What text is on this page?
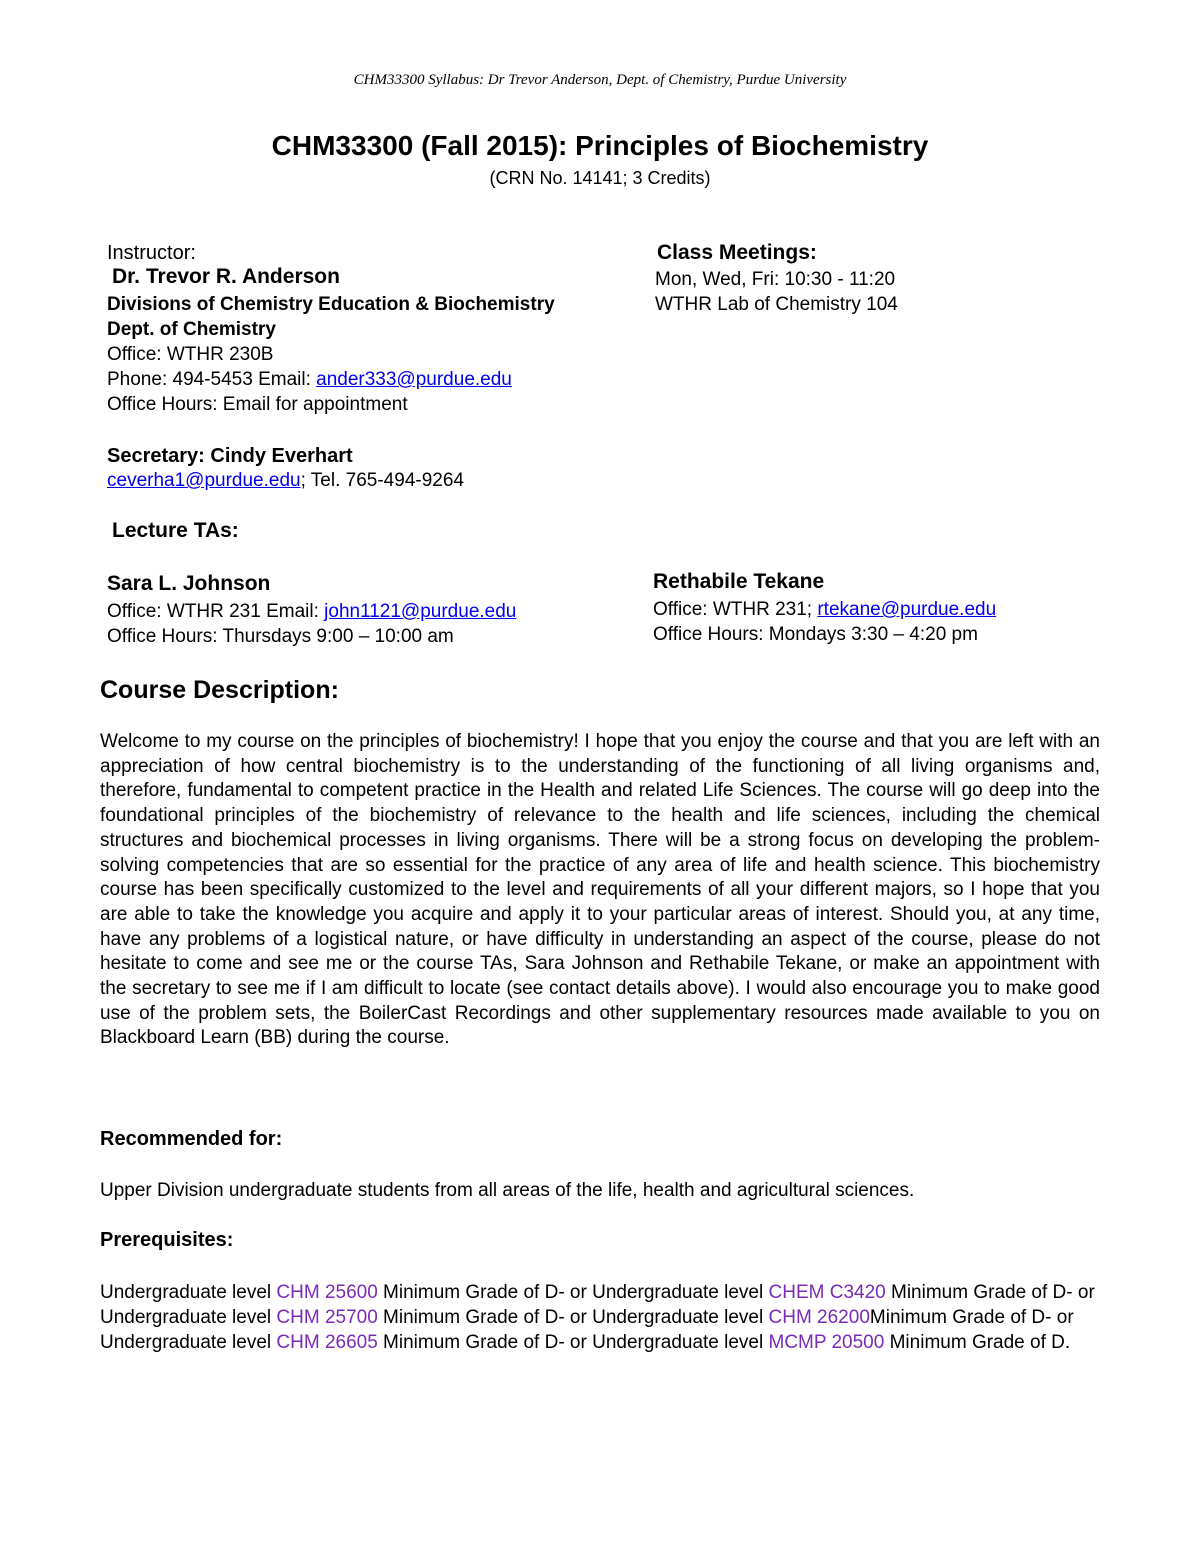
CHM33300 Syllabus: Dr Trevor Anderson, Dept. of Chemistry, Purdue University
CHM33300 (Fall 2015): Principles of Biochemistry
(CRN No. 14141; 3 Credits)
Instructor:
Dr. Trevor R. Anderson
Divisions of Chemistry Education & Biochemistry
Dept. of Chemistry
Office: WTHR 230B
Phone: 494-5453 Email: ander333@purdue.edu
Office Hours: Email for appointment
Class Meetings:
Mon, Wed, Fri: 10:30 - 11:20
WTHR Lab of Chemistry 104
Secretary: Cindy Everhart
ceverha1@purdue.edu; Tel. 765-494-9264
Lecture TAs:
Sara L. Johnson
Office: WTHR 231 Email: john1121@purdue.edu
Office Hours: Thursdays 9:00 – 10:00 am
Rethabile Tekane
Office: WTHR 231; rtekane@purdue.edu
Office Hours: Mondays 3:30 – 4:20 pm
Course Description:
Welcome to my course on the principles of biochemistry! I hope that you enjoy the course and that you are left with an appreciation of how central biochemistry is to the understanding of the functioning of all living organisms and, therefore, fundamental to competent practice in the Health and related Life Sciences. The course will go deep into the foundational principles of the biochemistry of relevance to the health and life sciences, including the chemical structures and biochemical processes in living organisms. There will be a strong focus on developing the problem-solving competencies that are so essential for the practice of any area of life and health science. This biochemistry course has been specifically customized to the level and requirements of all your different majors, so I hope that you are able to take the knowledge you acquire and apply it to your particular areas of interest. Should you, at any time, have any problems of a logistical nature, or have difficulty in understanding an aspect of the course, please do not hesitate to come and see me or the course TAs, Sara Johnson and Rethabile Tekane, or make an appointment with the secretary to see me if I am difficult to locate (see contact details above). I would also encourage you to make good use of the problem sets, the BoilerCast Recordings and other supplementary resources made available to you on Blackboard Learn (BB) during the course.
Recommended for:
Upper Division undergraduate students from all areas of the life, health and agricultural sciences.
Prerequisites:
Undergraduate level CHM 25600 Minimum Grade of D- or Undergraduate level CHEM C3420 Minimum Grade of D- or Undergraduate level CHM 25700 Minimum Grade of D- or Undergraduate level CHM 26200Minimum Grade of D- or Undergraduate level CHM 26605 Minimum Grade of D- or Undergraduate level MCMP 20500 Minimum Grade of D.
